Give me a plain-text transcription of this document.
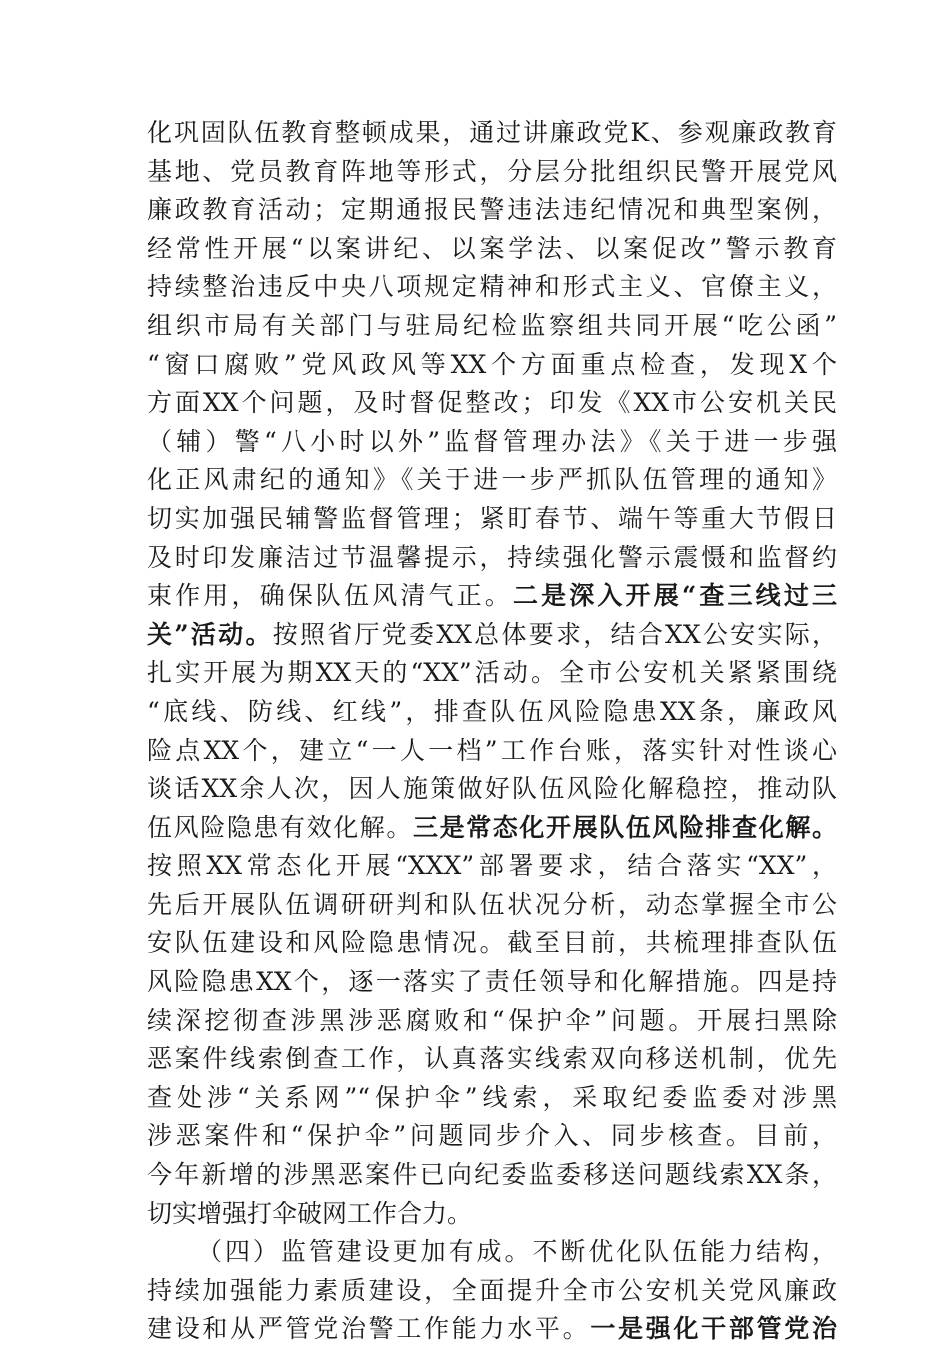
化巩固队伍教育整顿成果，通过讲廉政党K、参观廉政教育
基地、党员教育阵地等形式，分层分批组织民警开展党风
廉政教育活动；定期通报民警违法违纪情况和典型案例，
经常性开展“以案讲纪、以案学法、以案促改”警示教育
持续整治违反中央八项规定精神和形式主义、官僚主义，
组织市局有关部门与驻局纪检监察组共同开展“吃公函”
“窗口腐败”党风政风等XX个方面重点检查，发现X个
方面XX个问题，及时督促整改；印发《XX市公安机关民
（辅）警“八小时以外”监督管理办法》《关于进一步强
化正风肃纪的通知》《关于进一步严抓队伍管理的通知》
切实加强民辅警监督管理；紧盯春节、端午等重大节假日
及时印发廉洁过节温馨提示，持续强化警示震慑和监督约
束作用，确保队伍风清气正。二是深入开展“查三线过三
关”活动。按照省厅党委XX总体要求，结合XX公安实际，
扎实开展为期XX天的“XX”活动。全市公安机关紧紧围绕
“底线、防线、红线”，排查队伍风险隐患XX条，廉政风
险点XX个，建立“一人一档”工作台账，落实针对性谈心
谈话XX余人次，因人施策做好队伍风险化解稳控，推动队
伍风险隐患有效化解。三是常态化开展队伍风险排查化解。
按照XX常态化开展“XXX”部署要求，结合落实“XX”，
先后开展队伍调研研判和队伍状况分析，动态掌握全市公
安队伍建设和风险隐患情况。截至目前，共梳理排查队伍
风险隐患XX个，逐一落实了责任领导和化解措施。四是持
续深挖彻查涉黑涉恶腐败和“保护伞”问题。开展扫黑除
恶案件线索倒查工作，认真落实线索双向移送机制，优先
查处涉“关系网”“保护伞”线索，采取纪委监委对涉黑
涉恶案件和“保护伞”问题同步介入、同步核查。目前，
今年新增的涉黑恶案件已向纪委监委移送问题线索XX条，
切实增强打伞破网工作合力。
（四）监管建设更加有成。不断优化队伍能力结构，
持续加强能力素质建设，全面提升全市公安机关党风廉政
建设和从严管党治警工作能力水平。一是强化干部管党治
